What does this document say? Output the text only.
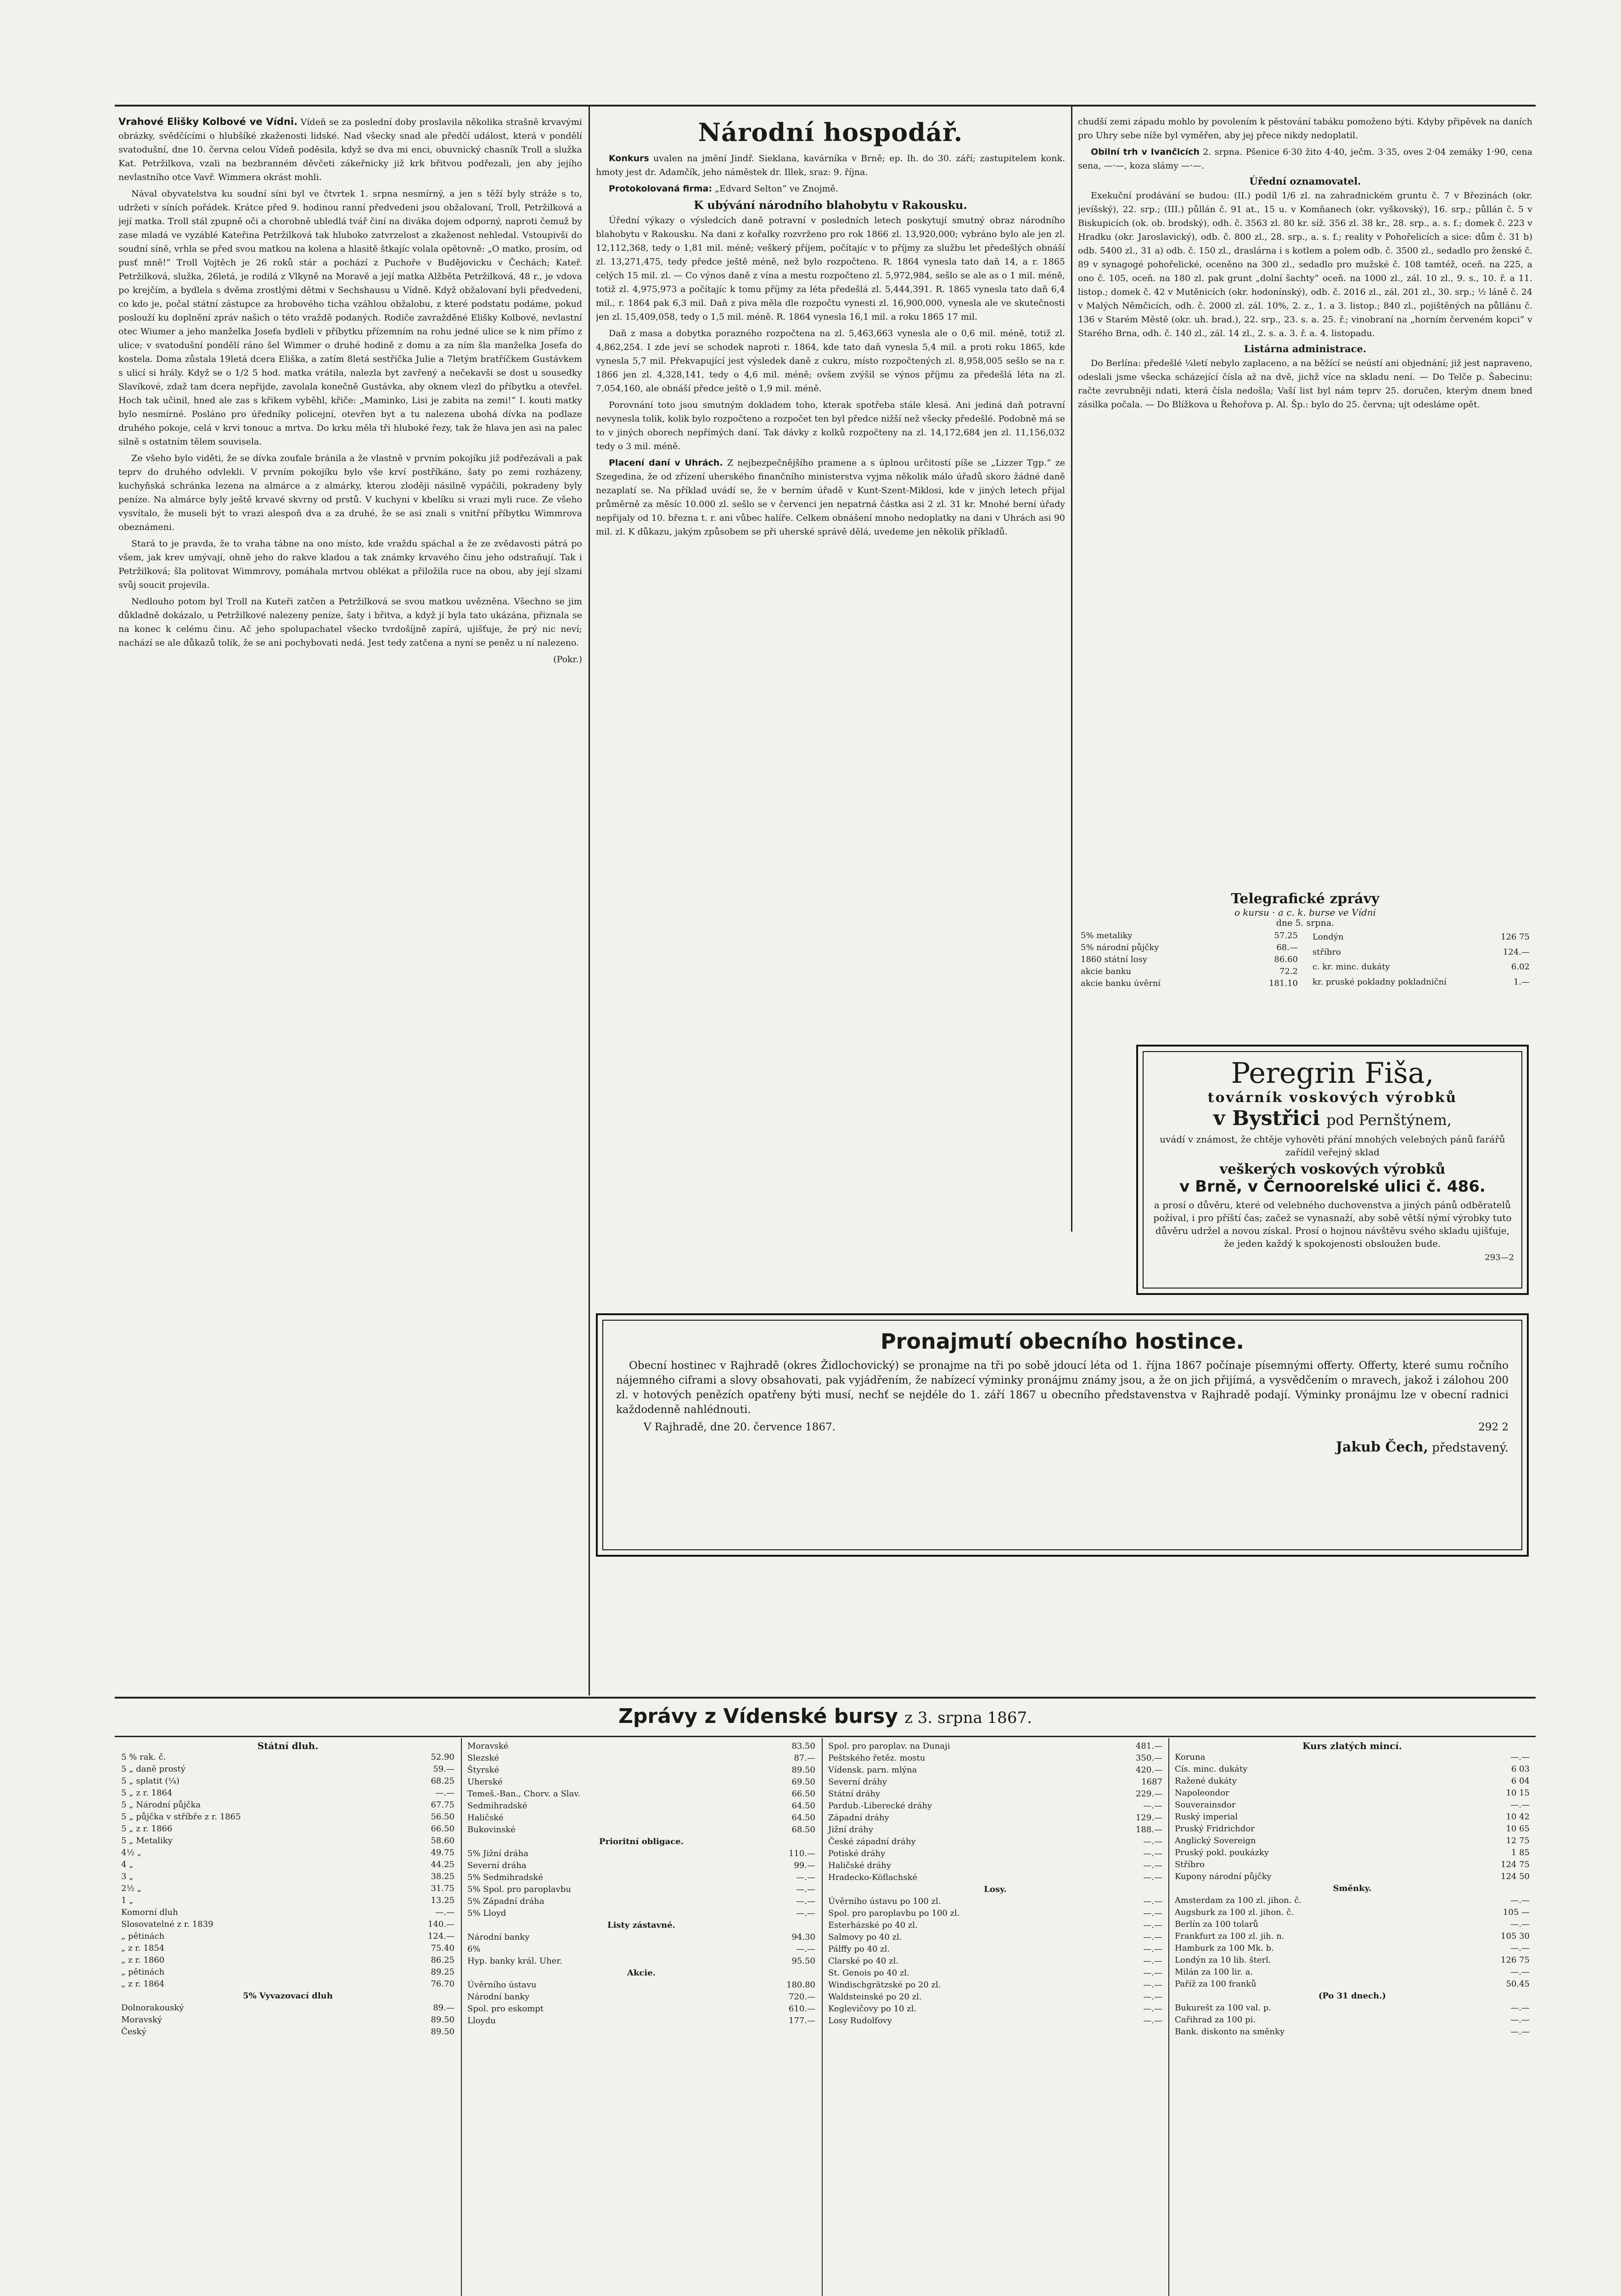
Vrahové Elišky Kolbové ve Vídni. Vídeň se za poslední doby proslavila několika strašně krvavými obrázky, svědčícími o hlubšíké zkaženosti lidské. Nad všecky snad ale předčí událost, která v pondělí svatodušní, dne 10. června celou Vídeň poděsila, když se dva mi enci, obuvnický chasník Troll a služka Kat. Petržilkova, vzali na bezbranném děvčeti zákeřnicky již krk břitvou podřezali, jen aby jejího nevlastního otce Vavř. Wimmera okrást mohli.
Nával obyvatelstva ku soudní síni byl ve čtvrtek 1. srpna nesmírný, a jen s těží byly stráže s to, udržeti v síních pořádek. Krátce před 9. hodinou ranní předvedeni jsou obžalovaní, Troll, Petržilková a její matka. Troll stál zpupně oči a chorobně ubledlá tvář činí na diváka dojem odporný, naproti čemuž by zase mladá ve vyzáblé Kateřina Petržilková tak hluboko zatvrzelost a zkaženost nehledal. Vstoupivši do soudní síně, vrhla se před svou matkou na kolena a hlasitě štkajíc volala opětovně: „O matko, prosím, od pusť mně!“ Troll Vojtěch je 26 roků stár a pochází z Puchoře v Budějovicku v Čechách; Kateř. Petržilková, služka, 26letá, je rodilá z Vlkyně na Moravě a její matka Alžběta Petržilková, 48 r., je vdova po krejčím, a bydlela s dvěma zrostlými dětmi v Sechshausu u Vídně. Když obžalovaní byli předvedeni, co kdo je, počal státní zástupce za hrobového ticha vzáhlou obžalobu, z které podstatu podáme, pokud poslouží ku doplnění zpráv našich o této vraždě podaných. Rodiče zavražděné Elišky Kolbové, nevlastní otec Wiumer a jeho manželka Josefa bydleli v příbytku přízemním na rohu jedné ulice se k nim přímo z ulice; v svatodušní pondělí ráno šel Wimmer o druhé hodině z domu a za ním šla manželka Josefa do kostela. Doma zůstala 19letá dcera Eliška, a zatím 8letá sestřička Julie a 7letým bratříčkem Gustávkem s ulicí si hrály. Když se o 1/2 5 hod. matka vrátila, nalezla byt zavřený a nečekavši se dost u sousedky Slavíkové, zdaž tam dcera nepřijde, zavolala konečně Gustávka, aby oknem vlezl do příbytku a otevřel. Hoch tak učinil, hned ale zas s křikem vyběhl, křiče: „Maminko, Lisi je zabita na zemi!“ I. kouti matky bylo nesmírné. Posláno pro úředníky policejní, otevřen byt a tu nalezena ubohá dívka na podlaze druhého pokoje, celá v krvi tonouc a mrtva. Do krku měla tři hluboké řezy, tak že hlava jen asi na palec silně s ostatním tělem souvisela.
Ze všeho bylo viděti, že se dívka zoufale bránila a že vlastně v prvním pokojíku již podřezávali a pak teprv do druhého odvlekli. V prvním pokojíku bylo vše krví postříkáno, šaty po zemi rozházeny, kuchyňská schránka lezena na almárce a z almárky, kterou zloději násilně vypáčili, pokradeny byly peníze. Na almárce byly ještě krvavé skvrny od prstů. V kuchyni v kbelíku si vrazi myli ruce. Ze všeho vysvítalo, že museli být to vrazi alespoň dva a za druhé, že se asi znali s vnitřní příbytku Wimmrova obeznámeni.
Stará to je pravda, že to vraha tábne na ono místo, kde vraždu spáchal a že ze zvědavosti pátrá po všem, jak krev umývají, ohně jeho do rakve kladou a tak známky krvavého činu jeho odstraňují. Tak i Petržilková; šla politovat Wimmrovy, pomáhala mrtvou oblékat a přiložila ruce na obou, aby její slzami svůj soucit projevila.
Nedlouho potom byl Troll na Kuteři zatčen a Petržilková se svou matkou uvězněna. Všechno se jim důkladně dokázalo, u Petržilkové nalezeny peníze, šaty i břitva, a když jí byla tato ukázána, přiznala se na konec k celému činu. Ač jeho spolupachatel všecko tvrdošíjně zapírá, ujišťuje, že prý nic neví; nachází se ale důkazů tolik, že se ani pochybovati nedá. Jest tedy zatčena a nyní se peněz u ní nalezeno.
(Pokr.)
Národní hospodář.
Konkurs uvalen na jmění Jindř. Sieklana, kavárníka v Brně; ep. lh. do 30. září; zastupitelem konk. hmoty jest dr. Adamčík, jeho náměstek dr. Illek, sraz: 9. října.
Protokolovaná firma: „Edvard Selton“ ve Znojmě.
K ubývání národního blahobytu v Rakousku.
Úřední výkazy o výsledcích daně potravní v posledních letech poskytují smutný obraz národního blahobytu v Rakousku. Na dani z kořalky rozvrženo pro rok 1866 zl. 13,920,000; vybráno bylo ale jen zl. 12,112,368, tedy o 1,81 mil. méně; veškerý příjem, počítajíc v to příjmy za službu let předešlých obnáší zl. 13,271,475, tedy předce ještě méně, než bylo rozpočteno. R. 1864 vynesla tato daň 14, a r. 1865 celých 15 mil. zl. — Co výnos daně z vína a mestu rozpočteno zl. 5,972,984, sešlo se ale as o 1 mil. méně, totiž zl. 4,975,973 a počítajíc k tomu příjmy za léta předešlá zl. 5,444,391. R. 1865 vynesla tato daň 6,4 mil., r. 1864 pak 6,3 mil. Daň z piva měla dle rozpočtu vynesti zl. 16,900,000, vynesla ale ve skutečnosti jen zl. 15,409,058, tedy o 1,5 mil. méně. R. 1864 vynesla 16,1 mil. a roku 1865 17 mil.
Daň z masa a dobytka porazného rozpočtena na zl. 5,463,663 vynesla ale o 0,6 mil. méně, totiž zl. 4,862,254. I zde jeví se schodek naproti r. 1864, kde tato daň vynesla 5,4 mil. a proti roku 1865, kde vynesla 5,7 mil. Překvapující jest výsledek daně z cukru, místo rozpočtených zl. 8,958,005 sešlo se na r. 1866 jen zl. 4,328,141, tedy o 4,6 mil. méně; ovšem zvýšil se výnos příjmu za předešlá léta na zl. 7,054,160, ale obnáší předce ještě o 1,9 mil. méně.
Porovnání toto jsou smutným dokladem toho, kterak spotřeba stále klesá. Ani jediná daň potravní nevynesla tolik, kolik bylo rozpočteno a rozpočet ten byl předce nižší než všecky předešlé. Podobně má se to v jiných oborech nepřímých daní. Tak dávky z kolků rozpočteny na zl. 14,172,684 jen zl. 11,156,032 tedy o 3 mil. méně.
Placení daní v Uhrách. Z nejbezpečnějšího pramene a s úplnou určitostí píše se „Lizzer Tgp.“ ze Szegedina, že od zřízení uherského finančního ministerstva vyjma několik málo úřadů skoro žádné daně nezaplatí se. Na příklad uvádí se, že v berním úřadě v Kunt-Szent-Miklosi, kde v jiných letech přijal průměrně za měsíc 10.000 zl. sešlo se v červenci jen nepatrná částka asi 2 zl. 31 kr. Mnohé berní úřady nepřijaly od 10. března t. r. ani vůbec halíře. Celkem obnášení mnoho nedoplatky na dani v Uhrách asi 90 mil. zl. K důkazu, jakým způsobem se při uherské správě dělá, uvedeme jen několik příkladů.
chudší zemi západu mohlo by povolením k pěstování tabáku pomoženo býti. Kdyby připěvek na daních pro Uhry sebe níže byl vyměřen, aby jej přece nikdy nedoplatil.
Obilní trh v Ivančicích 2. srpna. Pšenice 6·30 žito 4·40, ječm. 3·35, oves 2·04 zemáky 1·90, cena sena, —·—, koza slámy —·—.
Úřední oznamovatel.
Exekuční prodávání se budou: (II.) podíl 1/6 zl. na zahradnickém gruntu č. 7 v Březinách (okr. jevíšský), 22. srp.; (III.) půllán č. 91 at., 15 u. v Komňanech (okr. vyškovský), 16. srp.; půllán č. 5 v Biskupicích (ok. ob. brodský), odh. č. 3563 zl. 80 kr. síž. 356 zl. 38 kr., 28. srp., a. s. f.; domek č. 223 v Hradku (okr. Jaroslavický), odb. č. 800 zl., 28. srp., a. s. f.; reality v Pohořelicích a sice: dům č. 31 b) odb. 5400 zl., 31 a) odb. č. 150 zl., draslárna i s kotlem a polem odb. č. 3500 zl., sedadlo pro ženské č. 89 v synagogé pohořelické, oceněno na 300 zl., sedadlo pro mužské č. 108 tamtéž, oceň. na 225, a ono č. 105, oceň. na 180 zl. pak grunt „dolní šachty“ oceň. na 1000 zl., zál. 10 zl., 9. s., 10. ř. a 11. listop.; domek č. 42 v Mutěnicích (okr. hodonínský), odb. č. 2016 zl., zál. 201 zl., 30. srp.; ½ láně č. 24 v Malých Němčicích, odh. č. 2000 zl. zál. 10%, 2. z., 1. a 3. listop.; 840 zl., pojištěných na půllánu č. 136 v Starém Městě (okr. uh. brad.), 22. srp., 23. s. a. 25. ř.; vinobraní na „horním červeném kopci“ v Starého Brna, odh. č. 140 zl., zál. 14 zl., 2. s. a. 3. ř. a. 4. listopadu.
Listárna administrace.
Do Berlína: předešlé ¼letí nebylo zaplaceno, a na běžící se neústí ani objednání; již jest napraveno, odeslali jsme všecka scházející čísla až na dvě, jichž více na skladu není. — Do Telče p. Šabecinu: račte zevrubněji ndati, která čísla nedošla; Vaší list byl nám teprv 25. doručen, kterým dnem bned zásilka počala. — Do Blížkova u Řehořova p. Al. Šp.: bylo do 25. června; ujt odesláme opět.
Telegrafické zprávy
o kursu · a c. k. burse ve Vídni
dne 5. srpna.
5% metaliky	57.25
5% národní půjčky	68.—
1860 státní losy	86.60
akcie banku	72.2
akcie banku úvěrní	181.10
Londýn	126 75
stříbro	124.—
c. kr. minc. dukáty	6.02
kr. pruské pokladny pokladniční	1.—
Peregrin Fiša,
továrník voskových výrobků
v Bystřici pod Pernštýnem,
uvádí v známost, že chtěje vyhověti přání mnohých velebných pánů farářů zařídil veřejný sklad
veškerých voskových výrobků
v Brně, v Černoorelské ulici č. 486.
a prosí o důvěru, které od velebného duchovenstva a jiných pánů odběratelů požíval, i pro příští čas; začež se vynasnaží, aby sobě větší nýmí výrobky tuto důvěru udržel a novou získal. Prosí o hojnou návštěvu svého skladu ujišťuje, že jeden každý k spokojenosti obsloužen bude.
293—2
Pronajmutí obecního hostince.
Obecní hostinec v Rajhradě (okres Židlochovický) se pronajme na tři po sobě jdoucí léta od 1. října 1867 počínaje písemnými offerty. Offerty, které sumu ročního nájemného ciframi a slovy obsahovati, pak vyjádřením, že nabízecí výminky pronájmu známy jsou, a že on jich přijímá, a vysvědčením o mravech, jakož i zálohou 200 zl. v hotových penězích opatřeny býti musí, nechť se nejdéle do 1. září 1867 u obecního představenstva v Rajhradě podají. Výminky pronájmu lze v obecní radnici každodenně nahlédnouti.
V Rajhradě, dne 20. července 1867.	292 2
Jakub Čech, představený.
Zprávy z Vídenské bursy z 3. srpna 1867.
Státní dluh.
5 % rak. č.	52.90
5 „ daně prostý	59.—
5 „ splatit (¼)	68.25
5 „ z r. 1864	—.—
5 „ Národní půjčka	67.75
5 „ půjčka v stříbře z r. 1865	56.50
5 „ z r. 1866	66.50
5 „ Metaliky	58.60
4½ „	49.75
4 „	44.25
3 „	38.25
2½ „	31.75
1 „	13.25
Komorní dluh	—.—
Slosovatelné z r. 1839	140.—
„ pětinách	124.—
„ z r. 1854	75.40
„ z r. 1860	86.25
„ pětinách	89.25
„ z r. 1864	76.70
5% Vyvazovací dluh	
Dolnorakouský	89.—
Moravský	89.50
Český	89.50
Moravské	83.50
Slezské	87.—
Štyrské	89.50
Uherské	69.50
Temeš.-Ban., Chorv. a Slav.	66.50
Sedmihradské	64.50
Haličské	64.50
Bukovinské	68.50
Prioritní obligace.	
5% Jižní dráha	110.—
Severní dráha	99.—
5% Sedmihradské	—.—
5% Spol. pro paroplavbu	—.—
5% Západní dráha	—.—
5% Lloyd	—.—
Listy zástavné.	
Národní banky	94.30
6%	—.—
Hyp. banky král. Uher.	95.50
Akcie.	
Úvěrního ústavu	180.80
Národní banky	720.—
Spol. pro eskompt	610.—
Lloydu	177.—
Spol. pro paroplav. na Dunaji	481.—
Peštského řetěz. mostu	350.—
Vídensk. parn. mlýna	420.—
Severní dráhy	1687
Státní dráhy	229.—
Pardub.-Liberecké dráhy	—.—
Západní dráhy	129.—
Jižní dráhy	188.—
České západní dráhy	—.—
Potiské dráhy	—.—
Haličské dráhy	—.—
Hradecko-Köflachské	—.—
Losy.	
Úvěrního ústavu po 100 zl.	—.—
Spol. pro paroplavbu po 100 zl.	—.—
Esterházské po 40 zl.	—.—
Salmovy po 40 zl.	—.—
Pálffy po 40 zl.	—.—
Clarské po 40 zl.	—.—
St. Genois po 40 zl.	—.—
Windischgrätzské po 20 zl.	—.—
Waldsteinské po 20 zl.	—.—
Keglevičovy po 10 zl.	—.—
Losy Rudolfovy	—.—
Kurs zlatých mincí.
Koruna	—.—
Cís. minc. dukáty	6 03
Ražené dukáty	6 04
Napoleondor	10 15
Souverainsdor	—.—
Ruský imperial	10 42
Pruský Fridrichdor	10 65
Anglický Sovereign	12 75
Pruský pokl. poukázky	1 85
Stříbro	124 75
Kupony národní půjčky	124 50
Směnky.	
Amsterdam za 100 zl. jihon. č.	—.—
Augsburk za 100 zl. jihon. č.	105 —
Berlín za 100 tolarů	—.—
Frankfurt za 100 zl. jih. n.	105 30
Hamburk za 100 Mk. b.	—.—
Londýn za 10 lib. šterl.	126 75
Milán za 100 lir. a.	—.—
Paříž za 100 franků	50.45
(Po 31 dnech.)	
Bukurešt za 100 val. p.	—.—
Cařihrad za 100 pi.	—.—
Bank. diskonto na směnky	—.—
